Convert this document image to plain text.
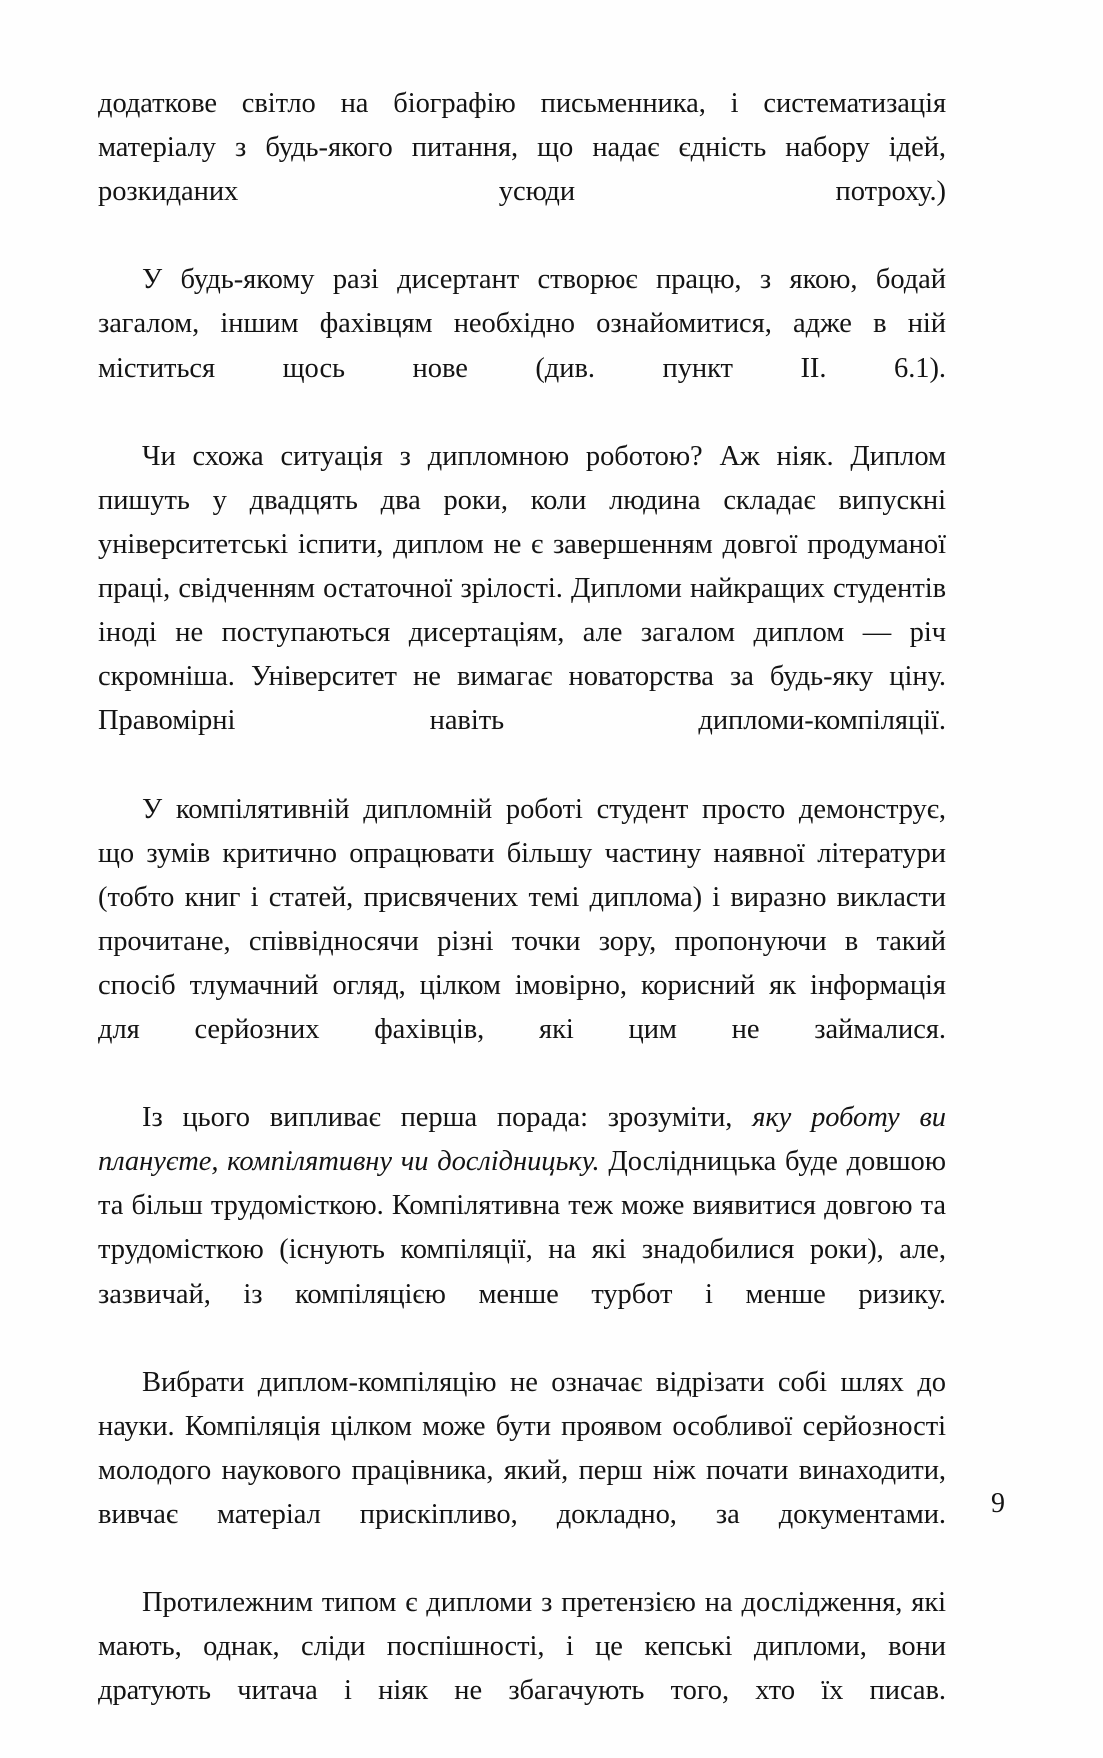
додаткове світло на біографію письменника, і систематизація матеріалу з будь-якого питання, що надає єдність набору ідей, розкиданих усюди потроху.)

У будь-якому разі дисертант створює працю, з якою, бодай загалом, іншим фахівцям необхідно ознайомитися, адже в ній міститься щось нове (див. пункт II. 6.1).

Чи схожа ситуація з дипломною роботою? Аж ніяк. Диплом пишуть у двадцять два роки, коли людина складає випускні університетські іспити, диплом не є завершенням довгої продуманої праці, свідченням остаточної зрілості. Дипломи найкращих студентів іноді не поступаються дисертаціям, але загалом диплом — річ скромніша. Університет не вимагає новаторства за будь-яку ціну. Правомірні навіть дипломи-компіляції.

У компілятивній дипломній роботі студент просто демонструє, що зумів критично опрацювати більшу частину наявної літератури (тобто книг і статей, присвячених темі диплома) і виразно викласти прочитане, співвідносячи різні точки зору, пропонуючи в такий спосіб тлумачний огляд, цілком імовірно, корисний як інформація для серйозних фахівців, які цим не займалися.

Із цього випливає перша порада: зрозуміти, яку роботу ви плануєте, компілятивну чи дослідницьку. Дослідницька буде довшою та більш трудомісткою. Компілятивна теж може виявитися довгою та трудомісткою (існують компіляції, на які знадобилися роки), але, зазвичай, із компіляцією менше турбот і менше ризику.

Вибрати диплом-компіляцію не означає відрізати собі шлях до науки. Компіляція цілком може бути проявом особливої серйозності молодого наукового працівника, який, перш ніж почати винаходити, вивчає матеріал прискіпливо, докладно, за документами.

Протилежним типом є дипломи з претензією на дослідження, які мають, однак, сліди поспішності, і це кепські дипломи, вони дратують читача і ніяк не збагачують того, хто їх писав.

9
